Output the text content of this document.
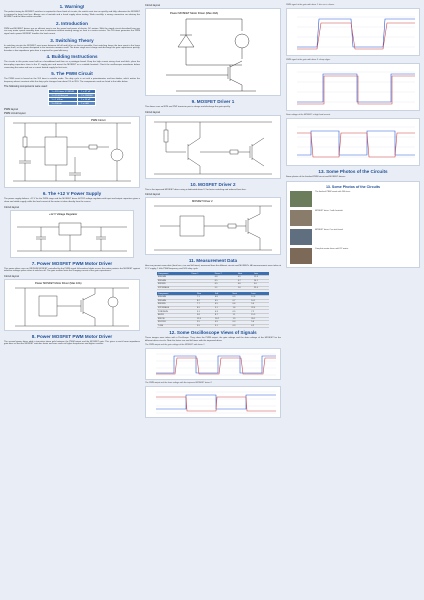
1. Warning!
The perfect timing for MOSFET switches is required in these kinds of circuits; the switch must turn on quickly and fully, otherwise the MOSFET is exposed to large heat loss. Always use a heatsink and a fused supply when testing. Work carefully: a wrong connection can destroy the MOSFET and the driver within seconds.
2. Introduction
PWM and MOSFET drivers are an efficient way to run the speed and power of electric DC motors. With the simple circuit described here you can vary motor speed smoothly from zero to maximum without wasting energy as heat in a series resistor. The 555 timer generates the PWM signal and a power MOSFET handles the load current.
3. Switching Theory
In switching circuits the MOSFET must move between full off and full on as fast as possible. Fast switching keeps the time spent in the linear region short, so the power dissipated in the transistor remains small. The driver stage must charge and discharge the gate capacitance quickly; therefore a low impedance gate drive is required for good efficiency.
4. Building Instructions
The circuits in this poster were built on a breadboard and then on a prototype board. Keep the high current wiring short and thick, place the decoupling capacitors close to the IC supply pins and mount the MOSFET on a suitable heatsink. Check the oscilloscope waveforms before connecting the motor and use a current limited supply for first tests.
5. The PWM Circuit
The PWM circuit is based on the 555 timer in astable mode. The duty cycle is set with a potentiometer and two diodes, which makes the frequency almost constant while the duty cycle changes from about 5% to 95%. The components used are listed in the table below.
The following components were used:
1 x 555 timer IC NE555	1 x 47 uF
1 x 10 kOhm poti	2 x 1N4148
1 x 1 kOhm	1 x 10 nF
1 x 100 nF	1 x LED
PWM layout
PWM circuit layout
PWM Circuit
6. The +12 V Power Supply
The power supply delivers +12 V for the PWM stage and the MOSFET driver. A 7812 voltage regulator with input and output capacitors gives a clean and stable supply, while the load current of the motor is taken directly from the source.
Circuit layout
+12 V Voltage Regulator
7. Power MOSFET PWM Motor Driver
This power driver uses an IRFZ44N MOSFET controlled by the PWM signal. A freewheel diode across the motor protects the MOSFET against inductive voltage spikes when it switches off. The gate resistor limits the charging current of the gate capacitance.
Circuit layout
Power MOSFET Motor Driver (Max 10A)
8. Power MOSFET PWM Motor Driver
The second power driver adds a transistor totem pole between the PWM output and the MOSFET gate. This gives a much lower impedance gate drive so that the MOSFET switches faster and runs cooler at higher frequencies and higher currents.
Circuit layout
Power MOSFET Motor Driver (Max 20A)
9. MOSFET Driver 1
This driver uses an NPN and PNP transistor pair to charge and discharge the gate quickly.
Circuit layout
10. MOSFET Driver 2
This is the improved MOSFET driver using a dedicated driver IC for faster switching and reduced heat loss.
Circuit layout
MOSFET Driver 2
11. Measurement Data
Here we present some data (heat loss, rise and fall times) measured from the different circuits and MOSFETs. All measurements were taken at 12 V supply, 1 kHz PWM frequency and 50% duty cycle.
Component	Driver 1	Driver 2	Heat	Loss
IRFZ44N		6.8	0.9	12.8
IRF540N		6.5	0.7	10.1
IRF3205		6.5	0.6	9.0
STP55NF06		5.1	1.6	22.4
Component	Rise	Fall	Heat	Loss
IRFZ44N	7.1	6.8	0.9	12.8
IRF540N	8.2	6.5	0.7	10.1
IRF3205	7.7	6.5	0.6	9.0
STP55NF06	6.9	5.1	1.6	22.4
2 IRFZ44N	5.1	4.3	0.5	7.2
BUZ11	9.8	8.7	1.1	15.5
IRF740	12.4	10.2	1.9	26.1
IRL2203	5.5	4.9	0.4	5.6
T-GM	3.9	3.1	0.3	4.2
12. Some Oscilloscope Views of Signals
These images were taken with a PicoScope. They show the PWM output, the gate voltage and the drain voltage of the MOSFET for the different driver circuits. Note the faster rise and fall times with the improved driver.
The PWM output and the gate voltage of the MOSFET with driver 1.
The PWM output and the drain voltage with the improved MOSFET driver 2.
PWM signal at the gate with driver 1: the rise is slower.
PWM signal at the gate with driver 2: sharp edges.
Drain voltage of the MOSFET at high load current.
13. Some Photos of the Circuits
Some photos of the finished PWM circuit and MOSFET drivers.
13. Some Photos of the Circuits
The finished PWM circuit with 555 timer.
MOSFET driver 1 with heatsink.
MOSFET driver 2 on test board.
Complete motor driver with DC motor.
